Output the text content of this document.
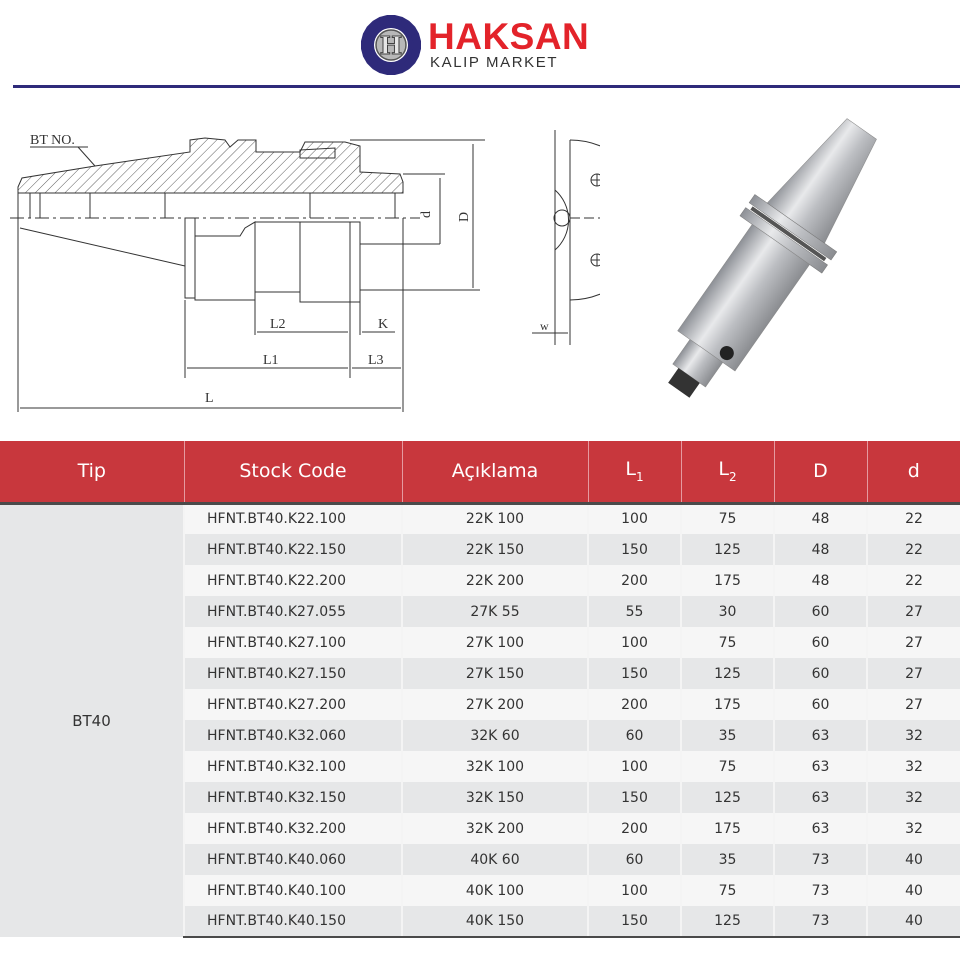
H HAKSAN
KALIP MARKET
BT NO.
L2	K
L1	L3
L
d D
w
Tip	Stock Code	Açıklama	$L_1$	$L_2$	D	d
BT40	HFNT.BT40.K22.100	22K 100	100	75	48	22
	HFNT.BT40.K22.150	22K 150	150	125	48	22
	HFNT.BT40.K22.200	22K 200	200	175	48	22
	HFNT.BT40.K27.055	27K 55	55	30	60	27
	HFNT.BT40.K27.100	27K 100	100	75	60	27
	HFNT.BT40.K27.150	27K 150	150	125	60	27
	HFNT.BT40.K27.200	27K 200	200	175	60	27
	HFNT.BT40.K32.060	32K 60	60	35	63	32
	HFNT.BT40.K32.100	32K 100	100	75	63	32
	HFNT.BT40.K32.150	32K 150	150	125	63	32
	HFNT.BT40.K32.200	32K 200	200	175	63	32
	HFNT.BT40.K40.060	40K 60	60	35	73	40
	HFNT.BT40.K40.100	40K 100	100	75	73	40
	HFNT.BT40.K40.150	40K 150	150	125	73	40
